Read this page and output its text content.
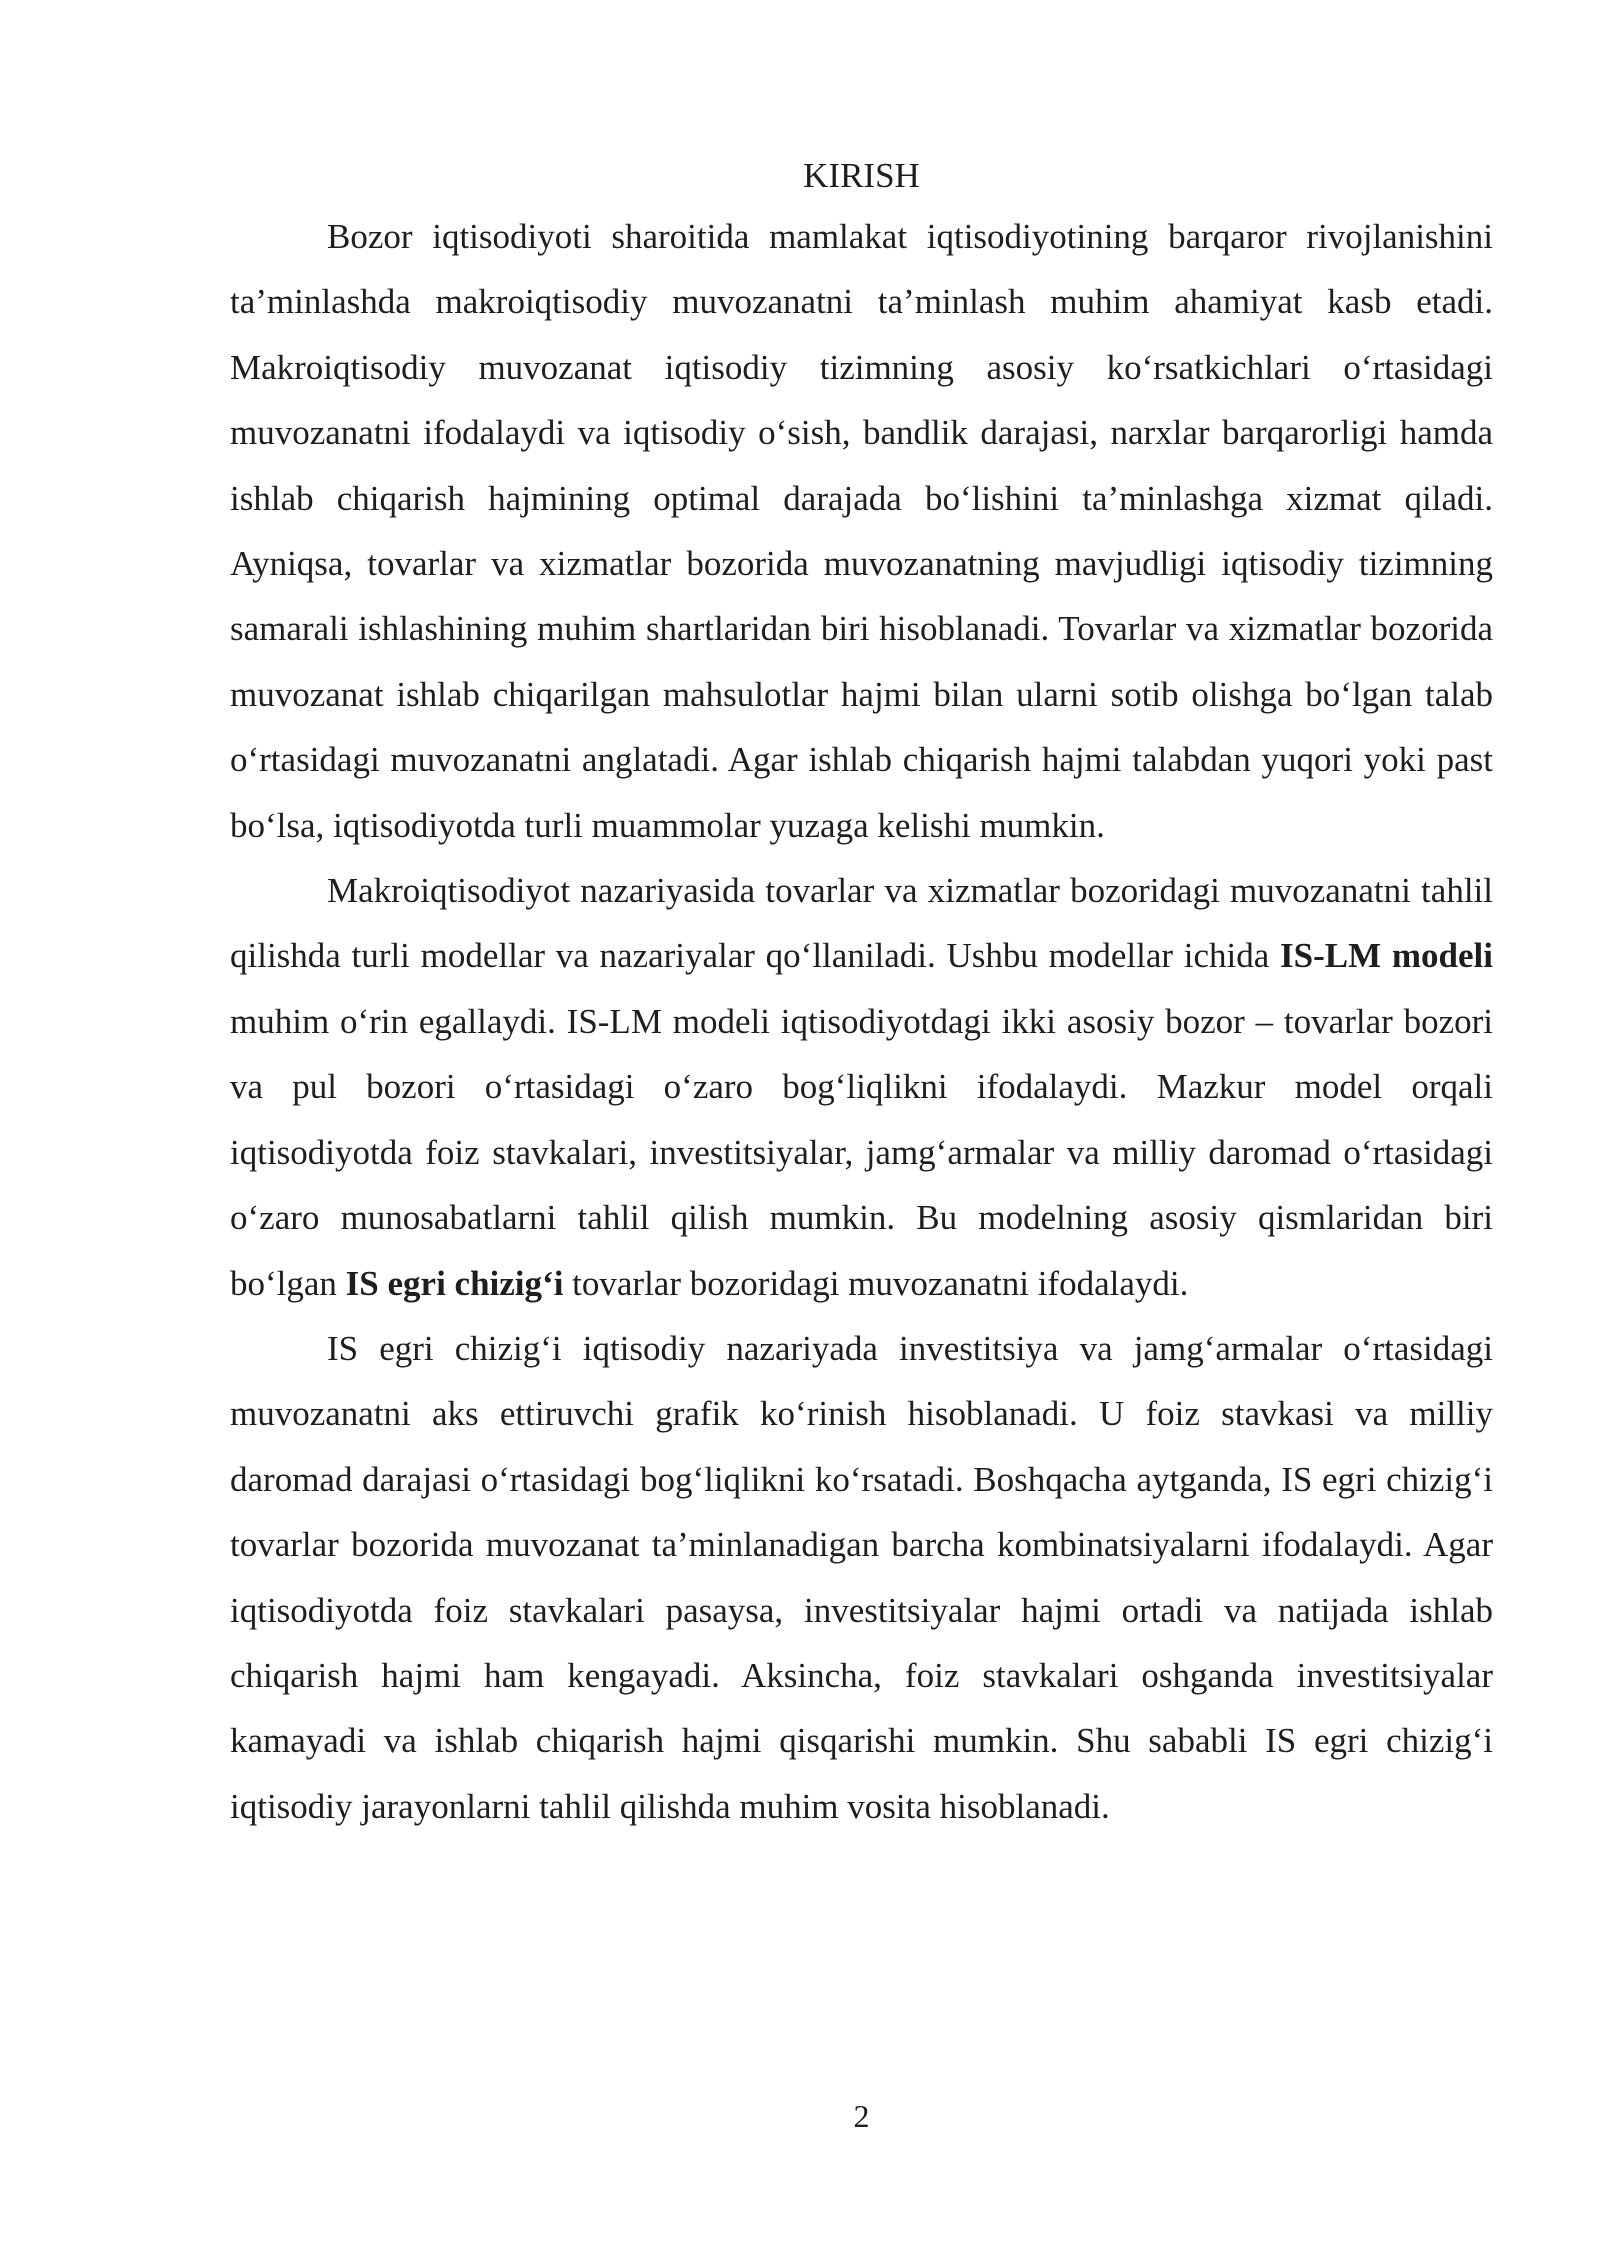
KIRISH

Bozor iqtisodiyoti sharoitida mamlakat iqtisodiyotining barqaror rivojlanishini ta’minlashda makroiqtisodiy muvozanatni ta’minlash muhim ahamiyat kasb etadi. Makroiqtisodiy muvozanat iqtisodiy tizimning asosiy ko‘rsatkichlari o‘rtasidagi muvozanatni ifodalaydi va iqtisodiy o‘sish, bandlik darajasi, narxlar barqarorligi hamda ishlab chiqarish hajmining optimal darajada bo‘lishini ta’minlashga xizmat qiladi. Ayniqsa, tovarlar va xizmatlar bozorida muvozanatning mavjudligi iqtisodiy tizimning samarali ishlashining muhim shartlaridan biri hisoblanadi. Tovarlar va xizmatlar bozorida muvozanat ishlab chiqarilgan mahsulotlar hajmi bilan ularni sotib olishga bo‘lgan talab o‘rtasidagi muvozanatni anglatadi. Agar ishlab chiqarish hajmi talabdan yuqori yoki past bo‘lsa, iqtisodiyotda turli muammolar yuzaga kelishi mumkin.

Makroiqtisodiyot nazariyasida tovarlar va xizmatlar bozoridagi muvozanatni tahlil qilishda turli modellar va nazariyalar qo‘llaniladi. Ushbu modellar ichida IS-LM modeli muhim o‘rin egallaydi. IS-LM modeli iqtisodiyotdagi ikki asosiy bozor – tovarlar bozori va pul bozori o‘rtasidagi o‘zaro bog‘liqlikni ifodalaydi. Mazkur model orqali iqtisodiyotda foiz stavkalari, investitsiyalar, jamg‘armalar va milliy daromad o‘rtasidagi o‘zaro munosabatlarni tahlil qilish mumkin. Bu modelning asosiy qismlaridan biri bo‘lgan IS egri chizig‘i tovarlar bozoridagi muvozanatni ifodalaydi.

IS egri chizig‘i iqtisodiy nazariyada investitsiya va jamg‘armalar o‘rtasidagi muvozanatni aks ettiruvchi grafik ko‘rinish hisoblanadi. U foiz stavkasi va milliy daromad darajasi o‘rtasidagi bog‘liqlikni ko‘rsatadi. Boshqacha aytganda, IS egri chizig‘i tovarlar bozorida muvozanat ta’minlanadigan barcha kombinatsiyalarni ifodalaydi. Agar iqtisodiyotda foiz stavkalari pasaysa, investitsiyalar hajmi ortadi va natijada ishlab chiqarish hajmi ham kengayadi. Aksincha, foiz stavkalari oshganda investitsiyalar kamayadi va ishlab chiqarish hajmi qisqarishi mumkin. Shu sababli IS egri chizig‘i iqtisodiy jarayonlarni tahlil qilishda muhim vosita hisoblanadi.

2
